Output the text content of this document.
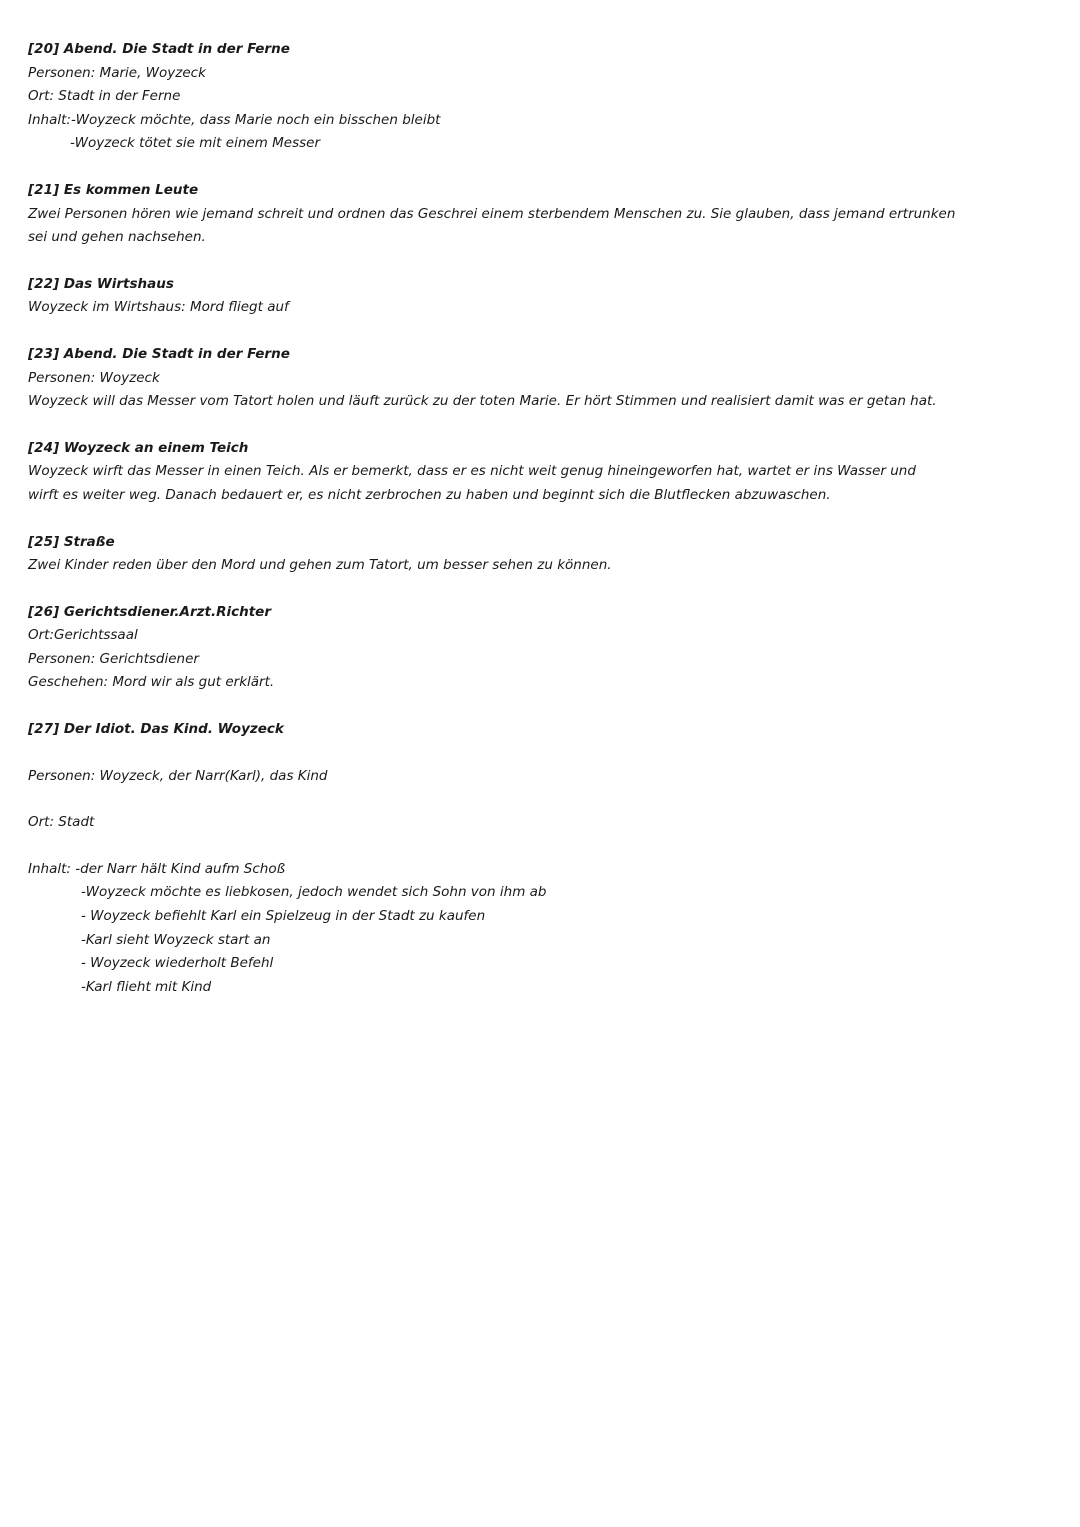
[20] Abend. Die Stadt in der Ferne
Personen: Marie, Woyzeck
Ort: Stadt in der Ferne
Inhalt:-Woyzeck möchte, dass Marie noch ein bisschen bleibt
-Woyzeck tötet sie mit einem Messer
[21] Es kommen Leute
Zwei Personen hören wie jemand schreit und ordnen das Geschrei einem sterbendem Menschen zu. Sie glauben, dass jemand ertrunken
sei und gehen nachsehen.
[22] Das Wirtshaus
Woyzeck im Wirtshaus: Mord fliegt auf
[23] Abend. Die Stadt in der Ferne
Personen: Woyzeck
Woyzeck will das Messer vom Tatort holen und läuft zurück zu der toten Marie. Er hört Stimmen und realisiert damit was er getan hat.
[24] Woyzeck an einem Teich
Woyzeck wirft das Messer in einen Teich. Als er bemerkt, dass er es nicht weit genug hineingeworfen hat, wartet er ins Wasser und
wirft es weiter weg. Danach bedauert er, es nicht zerbrochen zu haben und beginnt sich die Blutflecken abzuwaschen.
[25] Straße
Zwei Kinder reden über den Mord und gehen zum Tatort, um besser sehen zu können.
[26] Gerichtsdiener.Arzt.Richter
Ort:Gerichtssaal
Personen: Gerichtsdiener
Geschehen: Mord wir als gut erklärt.
[27] Der Idiot. Das Kind. Woyzeck
Personen: Woyzeck, der Narr(Karl), das Kind
Ort: Stadt
Inhalt: -der Narr hält Kind aufm Schoß
-Woyzeck möchte es liebkosen, jedoch wendet sich Sohn von ihm ab
- Woyzeck befiehlt Karl ein Spielzeug in der Stadt zu kaufen
-Karl sieht Woyzeck start an
- Woyzeck wiederholt Befehl
-Karl flieht mit Kind
